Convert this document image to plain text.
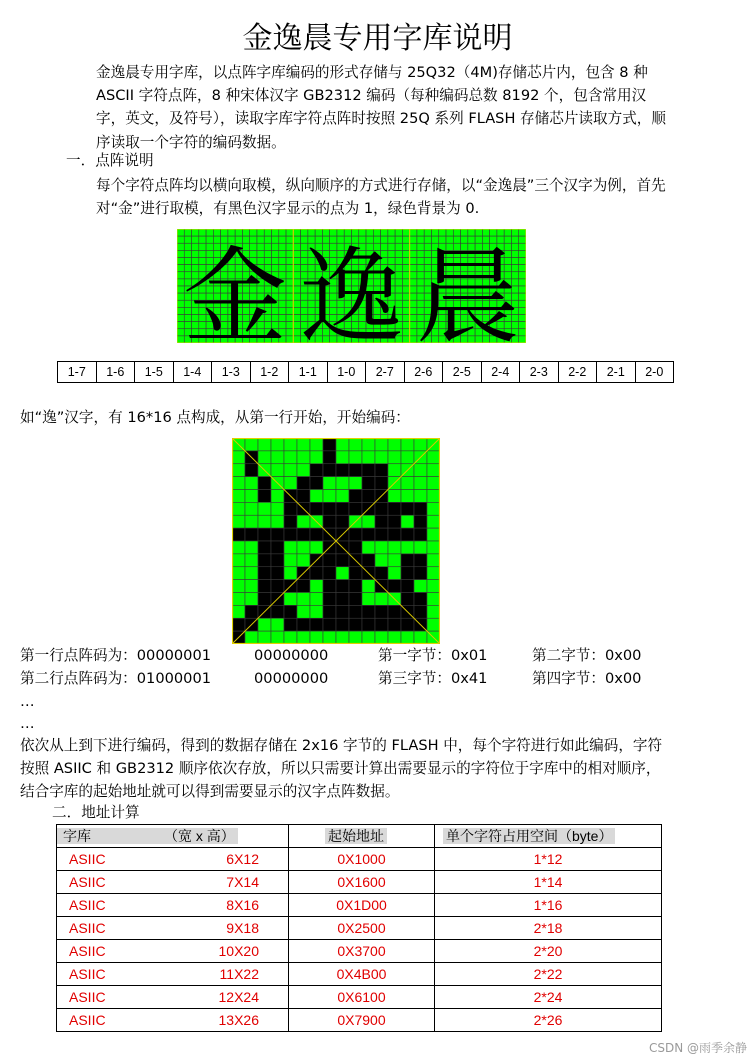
金逸晨专用字库说明
金逸晨专用字库，以点阵字库编码的形式存储与 25Q32（4M)存储芯片内，包含 8 种 ASCII 字符点阵，8 种宋体汉字 GB2312 编码（每种编码总数 8192 个，包含常用汉字，英文，及符号），读取字库字符点阵时按照 25Q 系列 FLASH 存储芯片读取方式，顺序读取一个字符的编码数据。
一．点阵说明
每个字符点阵均以横向取模，纵向顺序的方式进行存储，以“金逸晨”三个汉字为例，首先对“金”进行取模，有黑色汉字显示的点为 1，绿色背景为 0.
金 逸 晨
1-7	1-6	1-5	1-4	1-3	1-2	1-1	1-0	2-7	2-6	2-5	2-4	2-3	2-2	2-1	2-0
如“逸”汉字，有 16*16 点构成，从第一行开始，开始编码：
第一行点阵码为：00000001	00000000	第一字节：0x01	第二字节：0x00
第二行点阵码为：01000001	00000000	第三字节：0x41	第四字节：0x00
…
…
依次从上到下进行编码，得到的数据存储在 2x16 字节的 FLASH 中，每个字符进行如此编码，字符按照 ASIIC 和 GB2312 顺序依次存放，所以只需要计算出需要显示的字符位于字库中的相对顺序，结合字库的起始地址就可以得到需要显示的汉字点阵数据。
二．地址计算
字库 （宽 x 高）	起始地址	单个字符占用空间（byte）
ASIIC 6X12	0X1000	1*12
ASIIC 7X14	0X1600	1*14
ASIIC 8X16	0X1D00	1*16
ASIIC 9X18	0X2500	2*18
ASIIC 10X20	0X3700	2*20
ASIIC 11X22	0X4B00	2*22
ASIIC 12X24	0X6100	2*24
ASIIC 13X26	0X7900	2*26
CSDN @雨季余静
